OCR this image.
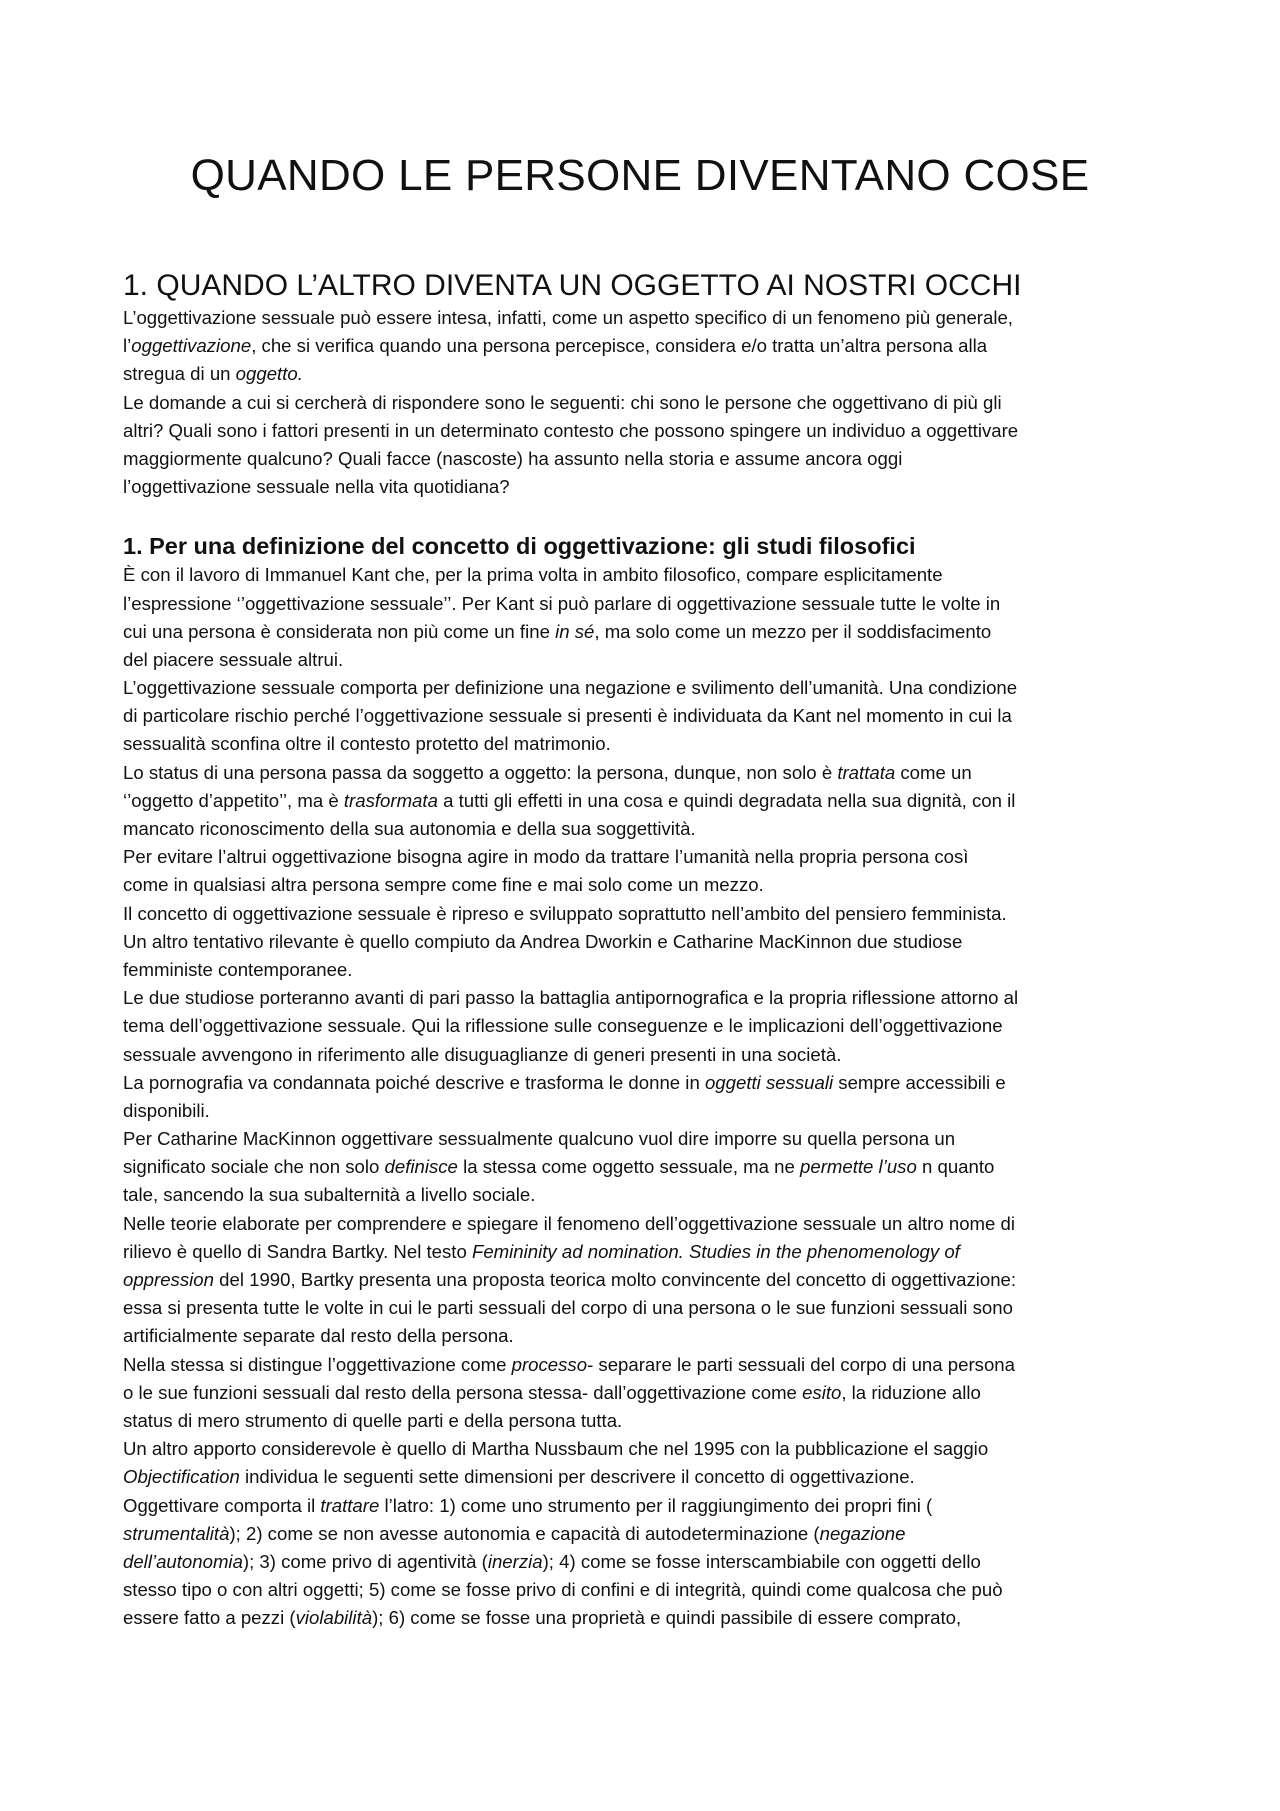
QUANDO LE PERSONE DIVENTANO COSE
1. QUANDO L’ALTRO DIVENTA UN OGGETTO AI NOSTRI OCCHI
L’oggettivazione sessuale può essere intesa, infatti, come un aspetto specifico di un fenomeno più generale,
l’oggettivazione, che si verifica quando una persona percepisce, considera e/o tratta un’altra persona alla
stregua di un oggetto.
Le domande a cui si cercherà di rispondere sono le seguenti: chi sono le persone che oggettivano di più gli
altri? Quali sono i fattori presenti in un determinato contesto che possono spingere un individuo a oggettivare
maggiormente qualcuno? Quali facce (nascoste) ha assunto nella storia e assume ancora oggi
l’oggettivazione sessuale nella vita quotidiana?
1. Per una definizione del concetto di oggettivazione: gli studi filosofici
È con il lavoro di Immanuel Kant che, per la prima volta in ambito filosofico, compare esplicitamente
l’espressione ‘’oggettivazione sessuale’’. Per Kant si può parlare di oggettivazione sessuale tutte le volte in
cui una persona è considerata non più come un fine in sé, ma solo come un mezzo per il soddisfacimento
del piacere sessuale altrui.
L’oggettivazione sessuale comporta per definizione una negazione e svilimento dell’umanità. Una condizione
di particolare rischio perché l’oggettivazione sessuale si presenti è individuata da Kant nel momento in cui la
sessualità sconfina oltre il contesto protetto del matrimonio.
Lo status di una persona passa da soggetto a oggetto: la persona, dunque, non solo è trattata come un
‘’oggetto d’appetito’’, ma è trasformata a tutti gli effetti in una cosa e quindi degradata nella sua dignità, con il
mancato riconoscimento della sua autonomia e della sua soggettività.
Per evitare l’altrui oggettivazione bisogna agire in modo da trattare l’umanità nella propria persona così
come in qualsiasi altra persona sempre come fine e mai solo come un mezzo.
Il concetto di oggettivazione sessuale è ripreso e sviluppato soprattutto nell’ambito del pensiero femminista.
Un altro tentativo rilevante è quello compiuto da Andrea Dworkin e Catharine MacKinnon due studiose
femministe contemporanee.
Le due studiose porteranno avanti di pari passo la battaglia antipornografica e la propria riflessione attorno al
tema dell’oggettivazione sessuale. Qui la riflessione sulle conseguenze e le implicazioni dell’oggettivazione
sessuale avvengono in riferimento alle disuguaglianze di generi presenti in una società.
La pornografia va condannata poiché descrive e trasforma le donne in oggetti sessuali sempre accessibili e
disponibili.
Per Catharine MacKinnon oggettivare sessualmente qualcuno vuol dire imporre su quella persona un
significato sociale che non solo definisce la stessa come oggetto sessuale, ma ne permette l’uso n quanto
tale, sancendo la sua subalternità a livello sociale.
Nelle teorie elaborate per comprendere e spiegare il fenomeno dell’oggettivazione sessuale un altro nome di
rilievo è quello di Sandra Bartky. Nel testo Femininity ad nomination. Studies in the phenomenology of
oppression del 1990, Bartky presenta una proposta teorica molto convincente del concetto di oggettivazione:
essa si presenta tutte le volte in cui le parti sessuali del corpo di una persona o le sue funzioni sessuali sono
artificialmente separate dal resto della persona.
Nella stessa si distingue l’oggettivazione come processo- separare le parti sessuali del corpo di una persona
o le sue funzioni sessuali dal resto della persona stessa- dall’oggettivazione come esito, la riduzione allo
status di mero strumento di quelle parti e della persona tutta.
Un altro apporto considerevole è quello di Martha Nussbaum che nel 1995 con la pubblicazione el saggio
Objectification individua le seguenti sette dimensioni per descrivere il concetto di oggettivazione.
Oggettivare comporta il trattare l’latro: 1) come uno strumento per il raggiungimento dei propri fini (
strumentalità); 2) come se non avesse autonomia e capacità di autodeterminazione (negazione
dell’autonomia); 3) come privo di agentività (inerzia); 4) come se fosse interscambiabile con oggetti dello
stesso tipo o con altri oggetti; 5) come se fosse privo di confini e di integrità, quindi come qualcosa che può
essere fatto a pezzi (violabilità); 6) come se fosse una proprietà e quindi passibile di essere comprato,
